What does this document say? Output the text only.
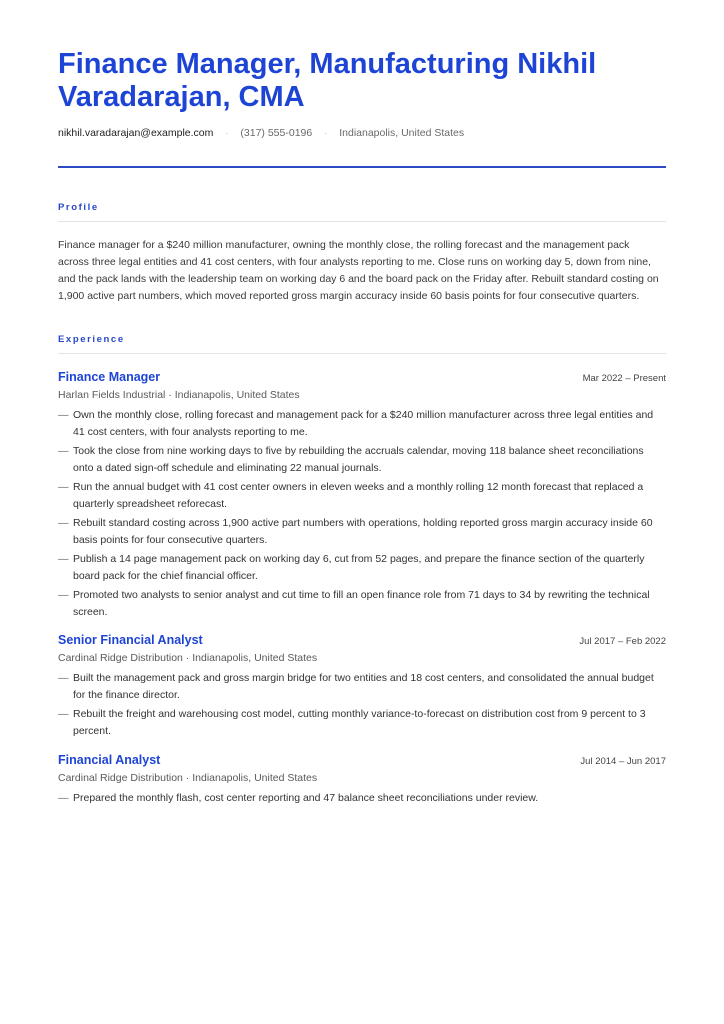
Finance Manager, Manufacturing Nikhil Varadarajan, CMA
nikhil.varadarajan@example.com · (317) 555-0196 · Indianapolis, United States
Profile

Finance manager for a $240 million manufacturer, owning the monthly close, the rolling forecast and the management pack across three legal entities and 41 cost centers, with four analysts reporting to me. Close runs on working day 5, down from nine, and the pack lands with the leadership team on working day 6 and the board pack on the Friday after. Rebuilt standard costing on 1,900 active part numbers, which moved reported gross margin accuracy inside 60 basis points for four consecutive quarters.

Experience
Finance Manager	Mar 2022 – Present
Harlan Fields Industrial · Indianapolis, United States
— Own the monthly close, rolling forecast and management pack for a $240 million manufacturer across three legal entities and 41 cost centers, with four analysts reporting to me.
— Took the close from nine working days to five by rebuilding the accruals calendar, moving 118 balance sheet reconciliations onto a dated sign-off schedule and eliminating 22 manual journals.
— Run the annual budget with 41 cost center owners in eleven weeks and a monthly rolling 12 month forecast that replaced a quarterly spreadsheet reforecast.
— Rebuilt standard costing across 1,900 active part numbers with operations, holding reported gross margin accuracy inside 60 basis points for four consecutive quarters.
— Publish a 14 page management pack on working day 6, cut from 52 pages, and prepare the finance section of the quarterly board pack for the chief financial officer.
— Promoted two analysts to senior analyst and cut time to fill an open finance role from 71 days to 34 by rewriting the technical screen.
Senior Financial Analyst	Jul 2017 – Feb 2022
Cardinal Ridge Distribution · Indianapolis, United States
— Built the management pack and gross margin bridge for two entities and 18 cost centers, and consolidated the annual budget for the finance director.
— Rebuilt the freight and warehousing cost model, cutting monthly variance-to-forecast on distribution cost from 9 percent to 3 percent.
Financial Analyst	Jul 2014 – Jun 2017
Cardinal Ridge Distribution · Indianapolis, United States
— Prepared the monthly flash, cost center reporting and 47 balance sheet reconciliations under review.
